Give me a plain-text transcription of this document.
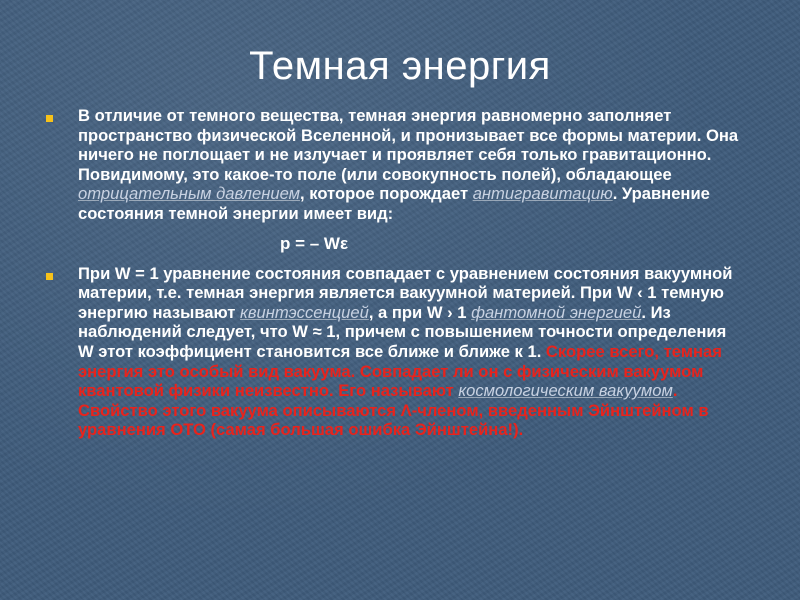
Темная энергия

В отличие от темного вещества, темная энергия равномерно заполняет пространство физической Вселенной, и пронизывает все формы материи. Она ничего не поглощает и не излучает и проявляет себя только гравитационно. Повидимому, это какое-то поле (или совокупность полей), обладающее отрицательным давлением, которое порождает антигравитацию. Уравнение состояния темной энергии имеет вид:

p = – Wε

При W = 1 уравнение состояния совпадает с уравнением состояния вакуумной материи, т.е. темная энергия является вакуумной материей. При W ‹ 1 темную энергию называют квинтэссенцией, а при W › 1 фантомной энергией. Из наблюдений следует, что W ≈ 1, причем с повышением точности определения W этот коэффициент становится все ближе и ближе к 1. Скорее всего, темная энергия это особый вид вакуума. Совпадает ли он с физическим вакуумом квантовой физики неизвестно. Его называют космологическим вакуумом. Свойство этого вакуума описываются Λ-членом, введенным Эйнштейном в уравнения ОТО (самая большая ошибка Эйнштейна!).
